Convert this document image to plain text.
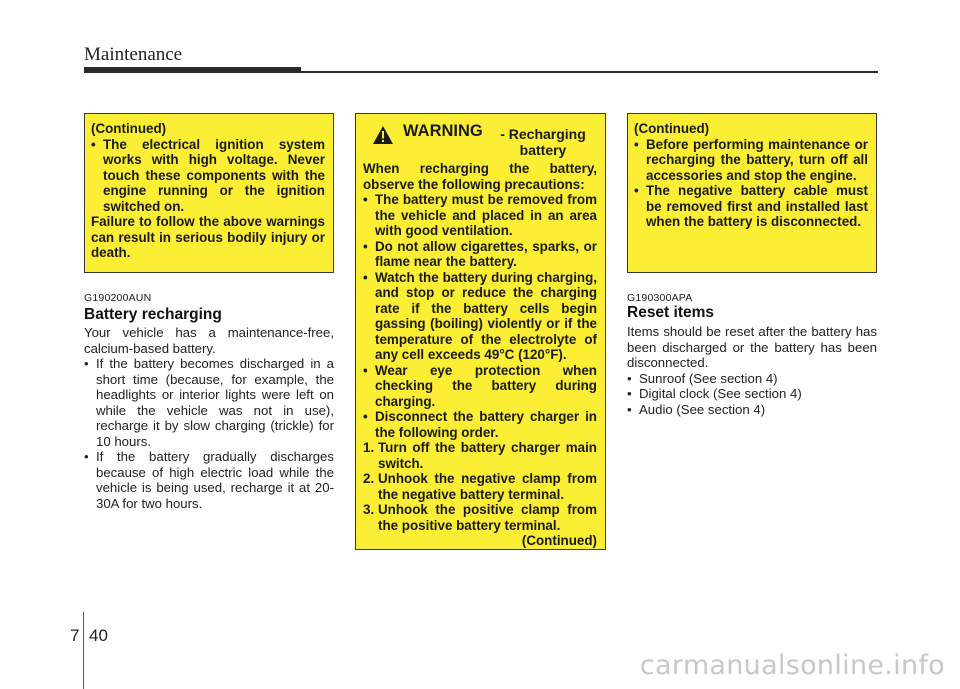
Maintenance

(Continued)

• The electrical ignition system works with high voltage. Never touch these components with the engine running or the ignition switched on.

Failure to follow the above warnings can result in serious bodily injury or death.

G190200AUN
Battery recharging

Your vehicle has a maintenance-free, calcium-based battery.

• If the battery becomes discharged in a short time (because, for example, the headlights or interior lights were left on while the vehicle was not in use), recharge it by slow charging (trickle) for 10 hours.
• If the battery gradually discharges because of high electric load while the vehicle is being used, recharge it at 20-30A for two hours.
WARNING	- Recharging battery

When recharging the battery, observe the following precautions:

• The battery must be removed from the vehicle and placed in an area with good ventilation.
• Do not allow cigarettes, sparks, or flame near the battery.
• Watch the battery during charging, and stop or reduce the charging rate if the battery cells begin gassing (boiling) violently or if the temperature of the electrolyte of any cell exceeds 49°C (120°F).
• Wear eye protection when checking the battery during charging.
• Disconnect the battery charger in the following order.
1. Turn off the battery charger main switch.
2. Unhook the negative clamp from the negative battery terminal.
3. Unhook the positive clamp from the positive battery terminal.

(Continued)

(Continued)

• Before performing maintenance or recharging the battery, turn off all accessories and stop the engine.
• The negative battery cable must be removed first and installed last when the battery is disconnected.
G190300APA
Reset items

Items should be reset after the battery has been discharged or the battery has been disconnected.

• Sunroof (See section 4)
• Digital clock (See section 4)
• Audio (See section 4)
7 40
carmanualsonline.info
